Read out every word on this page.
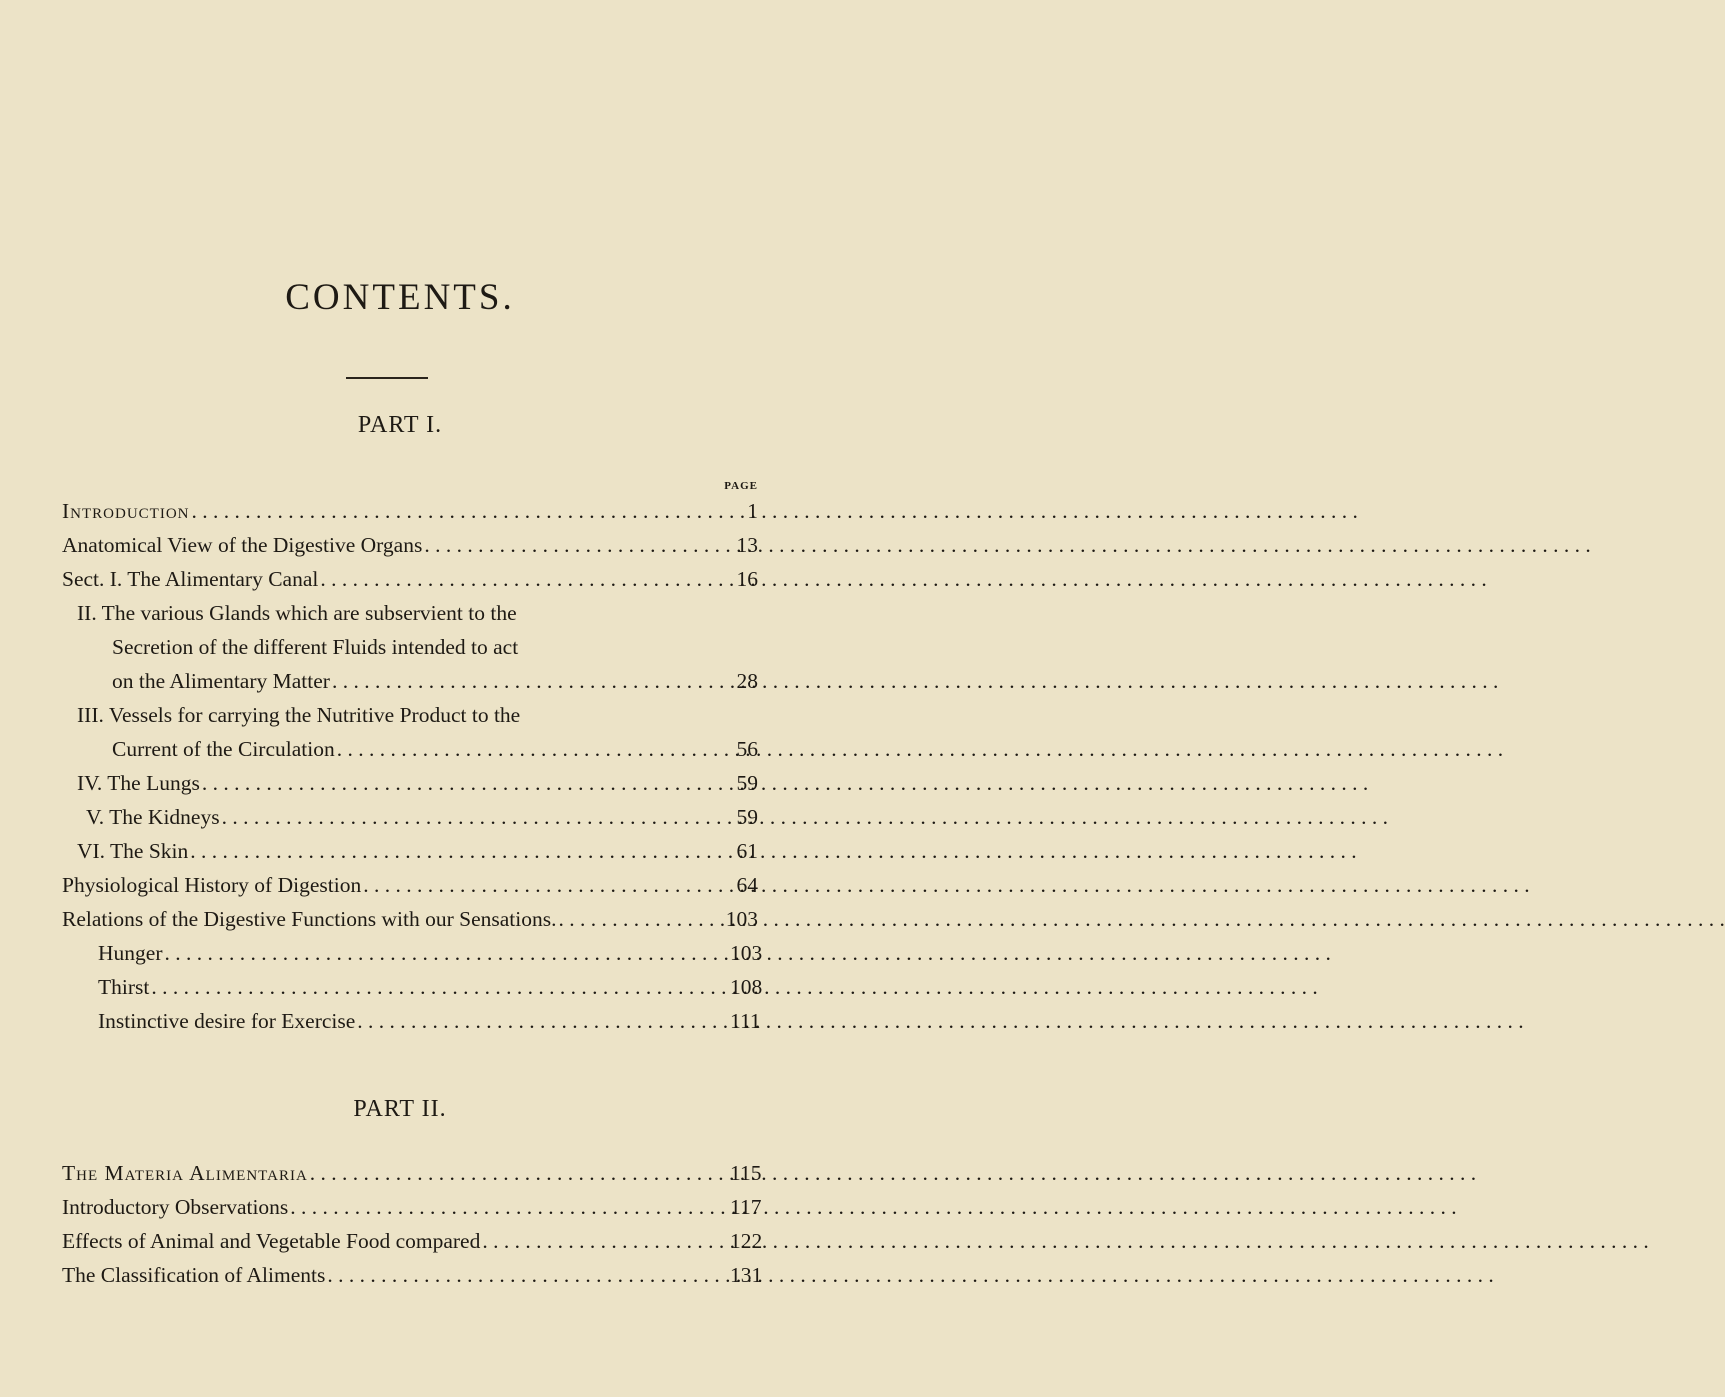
CONTENTS.
PART I.
PAGE
Introduction . . .	1
Anatomical View of the Digestive Organs . . .	13
Sect. I. The Alimentary Canal . . .	16
II. The various Glands which are subservient to the
Secretion of the different Fluids intended to act
on the Alimentary Matter . . .	28
III. Vessels for carrying the Nutritive Product to the
Current of the Circulation . . .	56
IV. The Lungs . . .	59
V. The Kidneys . . .	59
VI. The Skin . . .	61
Physiological History of Digestion . . .	64
Relations of the Digestive Functions with our Sensations. . . .	103
Hunger . . .	103
Thirst . . .	108
Instinctive desire for Exercise . . .	111
PART II.
The Materia Alimentaria . . .	115
Introductory Observations . . .	117
Effects of Animal and Vegetable Food compared . . .	122
The Classification of Aliments . . .	131
